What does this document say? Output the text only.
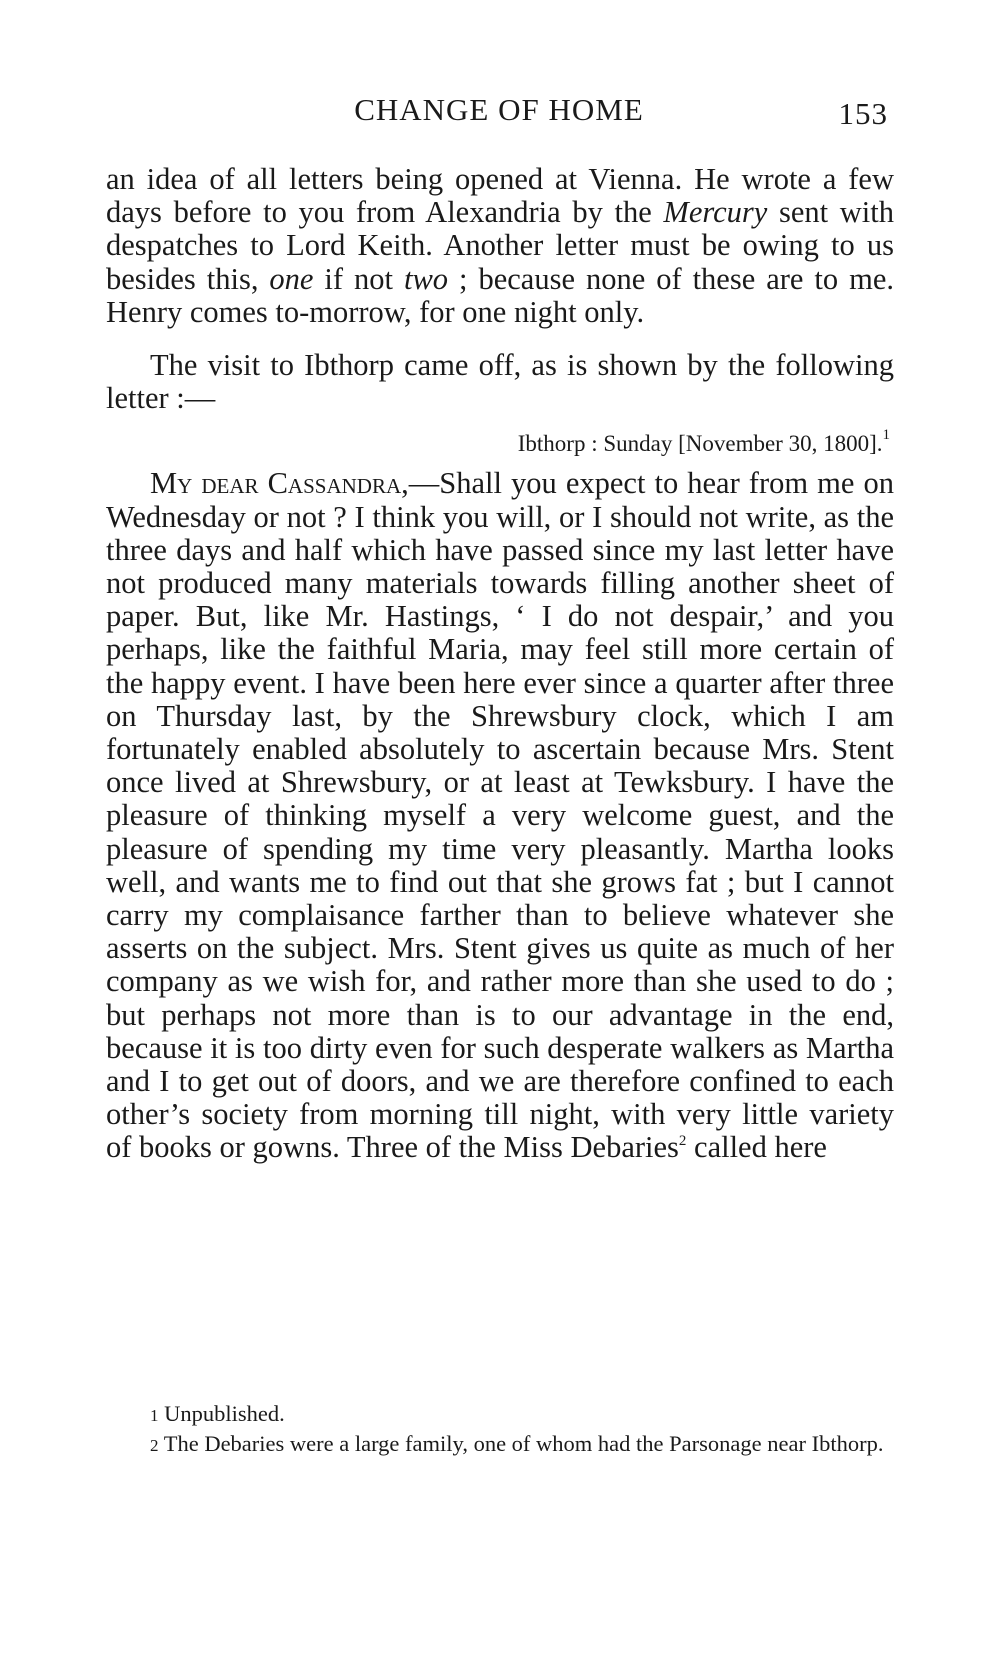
CHANGE OF HOME	153

an idea of all letters being opened at Vienna. He wrote a few days before to you from Alexandria by the Mercury sent with despatches to Lord Keith. Another letter must be owing to us besides this, one if not two ; because none of these are to me. Henry comes to-morrow, for one night only.

The visit to Ibthorp came off, as is shown by the following letter :—

Ibthorp : Sunday [November 30, 1800].$^1$

My dear Cassandra,—Shall you expect to hear from me on Wednesday or not ? I think you will, or I should not write, as the three days and half which have passed since my last letter have not produced many materials towards filling another sheet of paper. But, like Mr. Hastings, ‘ I do not despair,’ and you perhaps, like the faithful Maria, may feel still more certain of the happy event. I have been here ever since a quarter after three on Thursday last, by the Shrewsbury clock, which I am fortunately enabled absolutely to ascertain because Mrs. Stent once lived at Shrewsbury, or at least at Tewksbury. I have the pleasure of thinking myself a very welcome guest, and the pleasure of spending my time very pleasantly. Martha looks well, and wants me to find out that she grows fat ; but I cannot carry my complaisance farther than to believe whatever she asserts on the subject. Mrs. Stent gives us quite as much of her company as we wish for, and rather more than she used to do ; but perhaps not more than is to our advantage in the end, because it is too dirty even for such desperate walkers as Martha and I to get out of doors, and we are therefore confined to each other’s society from morning till night, with very little variety of books or gowns. Three of the Miss Debaries$^2$ called here

1 Unpublished.

2 The Debaries were a large family, one of whom had the Parsonage near Ibthorp.
